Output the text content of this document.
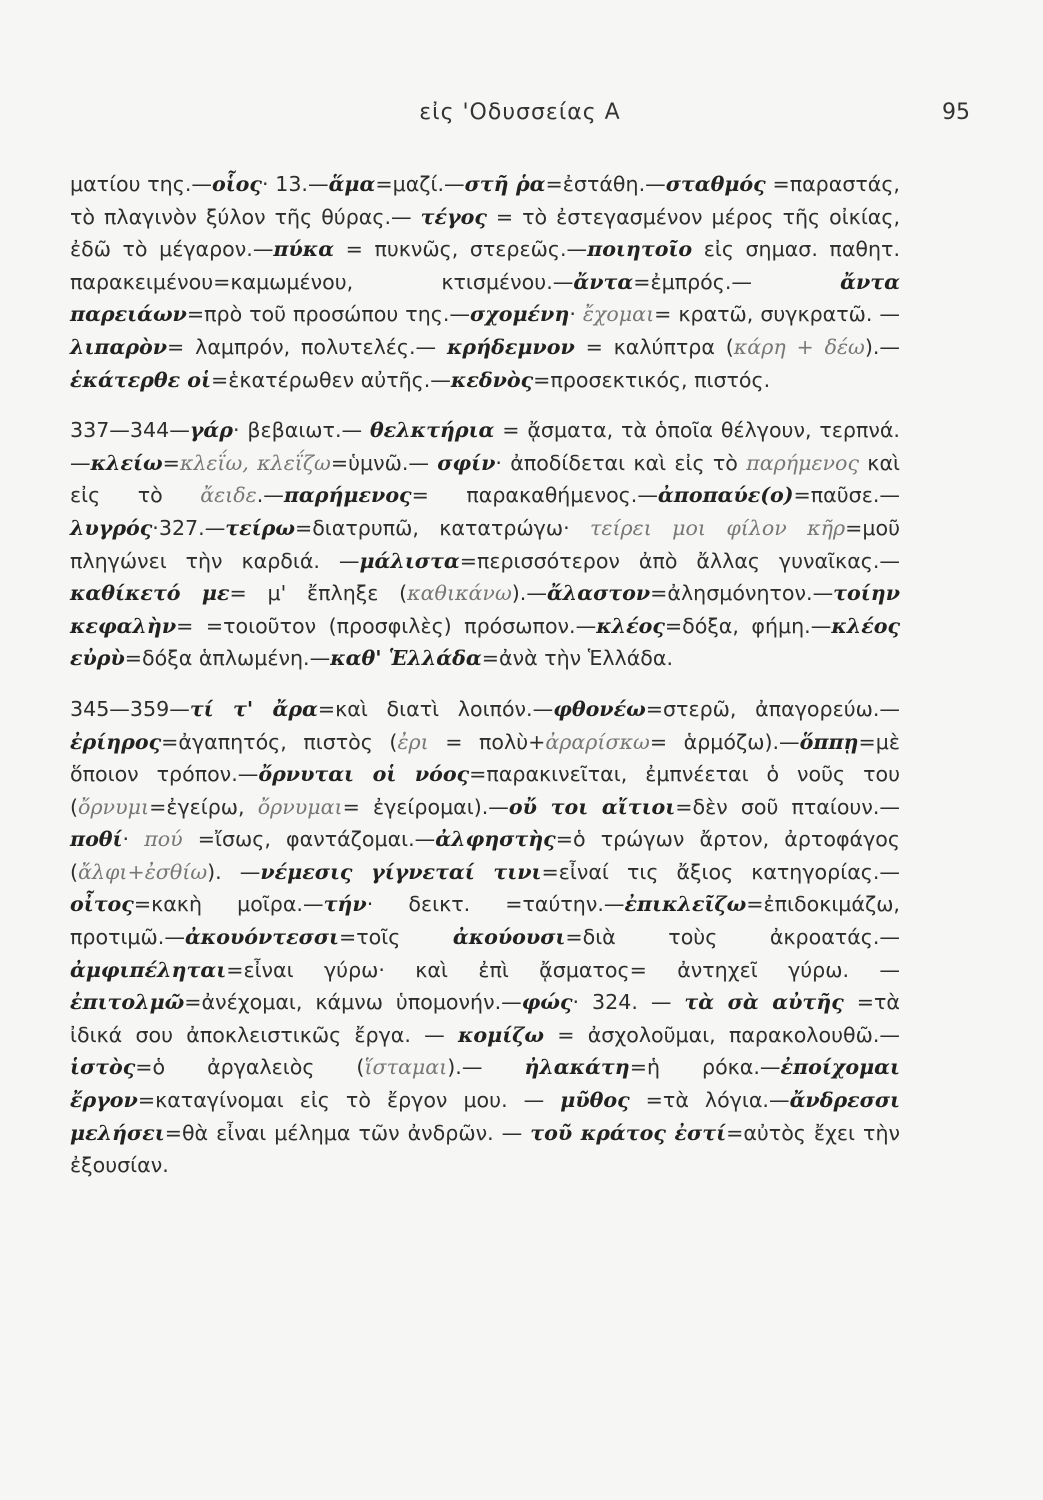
εἰς 'Οδυσσείας Α	95

ματίου της.—οἷος· 13.—ἅμα=μαζί.—στῆ ῥα=ἐστάθη.—σταθμός =παραστάς, τὸ πλαγινὸν ξύλον τῆς θύρας.— τέγος = τὸ ἐστεγασμένον μέρος τῆς οἰκίας, ἐδῶ τὸ μέγαρον.—πύκα = πυκνῶς, στερεῶς.—ποιητοῖο εἰς σημασ. παθητ. παρακειμένου=καμωμένου, κτισμένου.—ἄντα=ἐμπρός.— ἄντα παρειάων=πρὸ τοῦ προσώπου της.—σχομένη· ἔχομαι= κρατῶ, συγκρατῶ. — λιπαρὸν= λαμπρόν, πολυτελές.— κρήδεμνον = καλύπτρα (κάρη + δέω).— ἑκάτερθε οἱ=ἑκατέρωθεν αὐτῆς.—κεδνὸς=προσεκτικός, πιστός.

337—344—γάρ· βεβαιωτ.— θελκτήρια = ᾄσματα, τὰ ὁποῖα θέλγουν, τερπνά.—κλείω=κλεΐω, κλεΐζω=ὑμνῶ.— σφίν· ἀποδίδεται καὶ εἰς τὸ παρήμενος καὶ εἰς τὸ ἄειδε.—παρήμενος= παρακαθήμενος.—ἀποπαύε(ο)=παῦσε.—λυγρός·327.—τείρω=διατρυπῶ, κατατρώγω· τείρει μοι φίλον κῆρ=μοῦ πληγώνει τὴν καρδιά. —μάλιστα=περισσότερον ἀπὸ ἄλλας γυναῖκας.—καθίκετό με= μ' ἔπληξε (καθικάνω).—ἄλαστον=ἀλησμόνητον.—τοίην κεφαλὴν= =τοιοῦτον (προσφιλὲς) πρόσωπον.—κλέος=δόξα, φήμη.—κλέος εὐρὺ=δόξα ἁπλωμένη.—καθ' Ἑλλάδα=ἀνὰ τὴν Ἑλλάδα.

345—359—τί τ' ἄρα=καὶ διατὶ λοιπόν.—φθονέω=στερῶ, ἀπαγορεύω.—ἐρίηρος=ἀγαπητός, πιστὸς (ἐρι = πολὺ+ἀραρίσκω= ἁρμόζω).—ὅππῃ=μὲ ὅποιον τρόπον.—ὄρνυται οἱ νόος=παρακινεῖται, ἐμπνέεται ὁ νοῦς του (ὄρνυμι=ἐγείρω, ὄρνυμαι= ἐγείρομαι).—οὔ τοι αἴτιοι=δὲν σοῦ πταίουν.—ποθί· πού =ἴσως, φαντάζομαι.—ἀλφηστὴς=ὁ τρώγων ἄρτον, ἀρτοφάγος (ἄλφι+ἐσθίω). —νέμεσις γίγνεταί τινι=εἶναί τις ἄξιος κατηγορίας.—οἶτος=κακὴ μοῖρα.—τήν· δεικτ. =ταύτην.—ἐπικλεῖζω=ἐπιδοκιμάζω, προτιμῶ.—ἀκουόντεσσι=τοῖς ἀκούουσι=διὰ τοὺς ἀκροατάς.—ἀμφιπέληται=εἶναι γύρω· καὶ ἐπὶ ᾄσματος= ἀντηχεῖ γύρω. — ἐπιτολμῶ=ἀνέχομαι, κάμνω ὑπομονήν.—φώς· 324. — τὰ σὰ αὐτῆς =τὰ ἰδικά σου ἀποκλειστικῶς ἔργα. — κομίζω = ἀσχολοῦμαι, παρακολουθῶ.— ἱστὸς=ὁ ἀργαλειὸς (ἵσταμαι).— ἠλακάτη=ἡ ρόκα.—ἐποίχομαι ἔργον=καταγίνομαι εἰς τὸ ἔργον μου. — μῦθος =τὰ λόγια.—ἄνδρεσσι μελήσει=θὰ εἶναι μέλημα τῶν ἀνδρῶν. — τοῦ κράτος ἐστί=αὐτὸς ἔχει τὴν ἐξουσίαν.
